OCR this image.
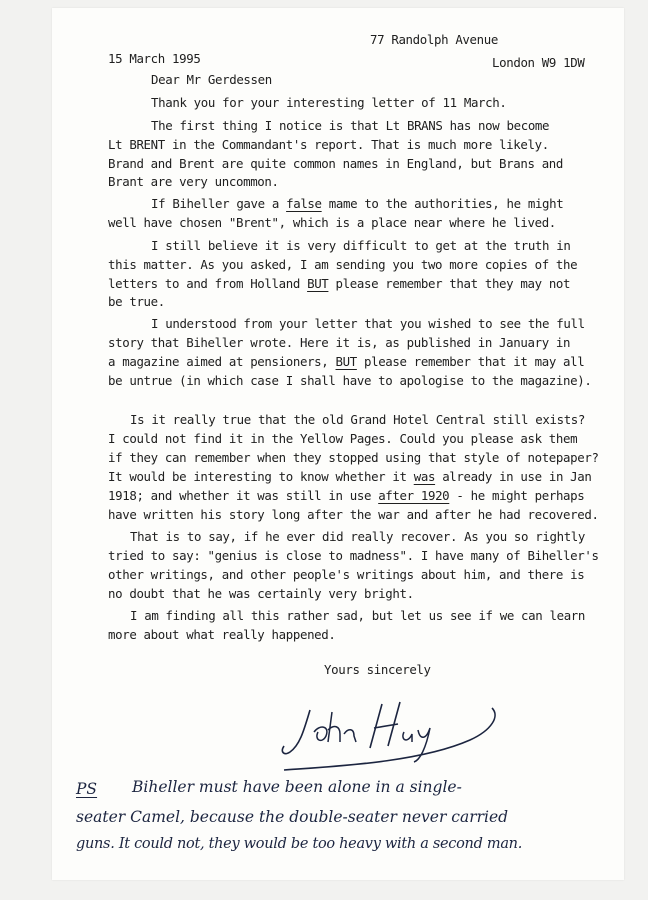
77 Randolph Avenue
London W9 1DW
15 March 1995
Dear Mr Gerdessen
Thank you for your interesting letter of 11 March.
The first thing I notice is that Lt BRANS has now become
Lt BRENT in the Commandant's report. That is much more likely.
Brand and Brent are quite common names in England, but Brans and
Brant are very uncommon.
If Biheller gave a false mame to the authorities, he might
well have chosen "Brent", which is a place near where he lived.
I still believe it is very difficult to get at the truth in
this matter. As you asked, I am sending you two more copies of the
letters to and from Holland BUT please remember that they may not
be true.
I understood from your letter that you wished to see the full
story that Biheller wrote. Here it is, as published in January in
a magazine aimed at pensioners, BUT please remember that it may all
be untrue (in which case I shall have to apologise to the magazine).
Is it really true that the old Grand Hotel Central still exists?
I could not find it in the Yellow Pages. Could you please ask them
if they can remember when they stopped using that style of notepaper?
It would be interesting to know whether it was already in use in Jan
1918; and whether it was still in use after 1920 - he might perhaps
have written his story long after the war and after he had recovered.
That is to say, if he ever did really recover. As you so rightly
tried to say: "genius is close to madness". I have many of Biheller's
other writings, and other people's writings about him, and there is
no doubt that he was certainly very bright.
I am finding all this rather sad, but let us see if we can learn
more about what really happened.
Yours sincerely
PS Biheller must have been alone in a single-
seater Camel, because the double-seater never carried
guns. It could not, they would be too heavy with a second man.
